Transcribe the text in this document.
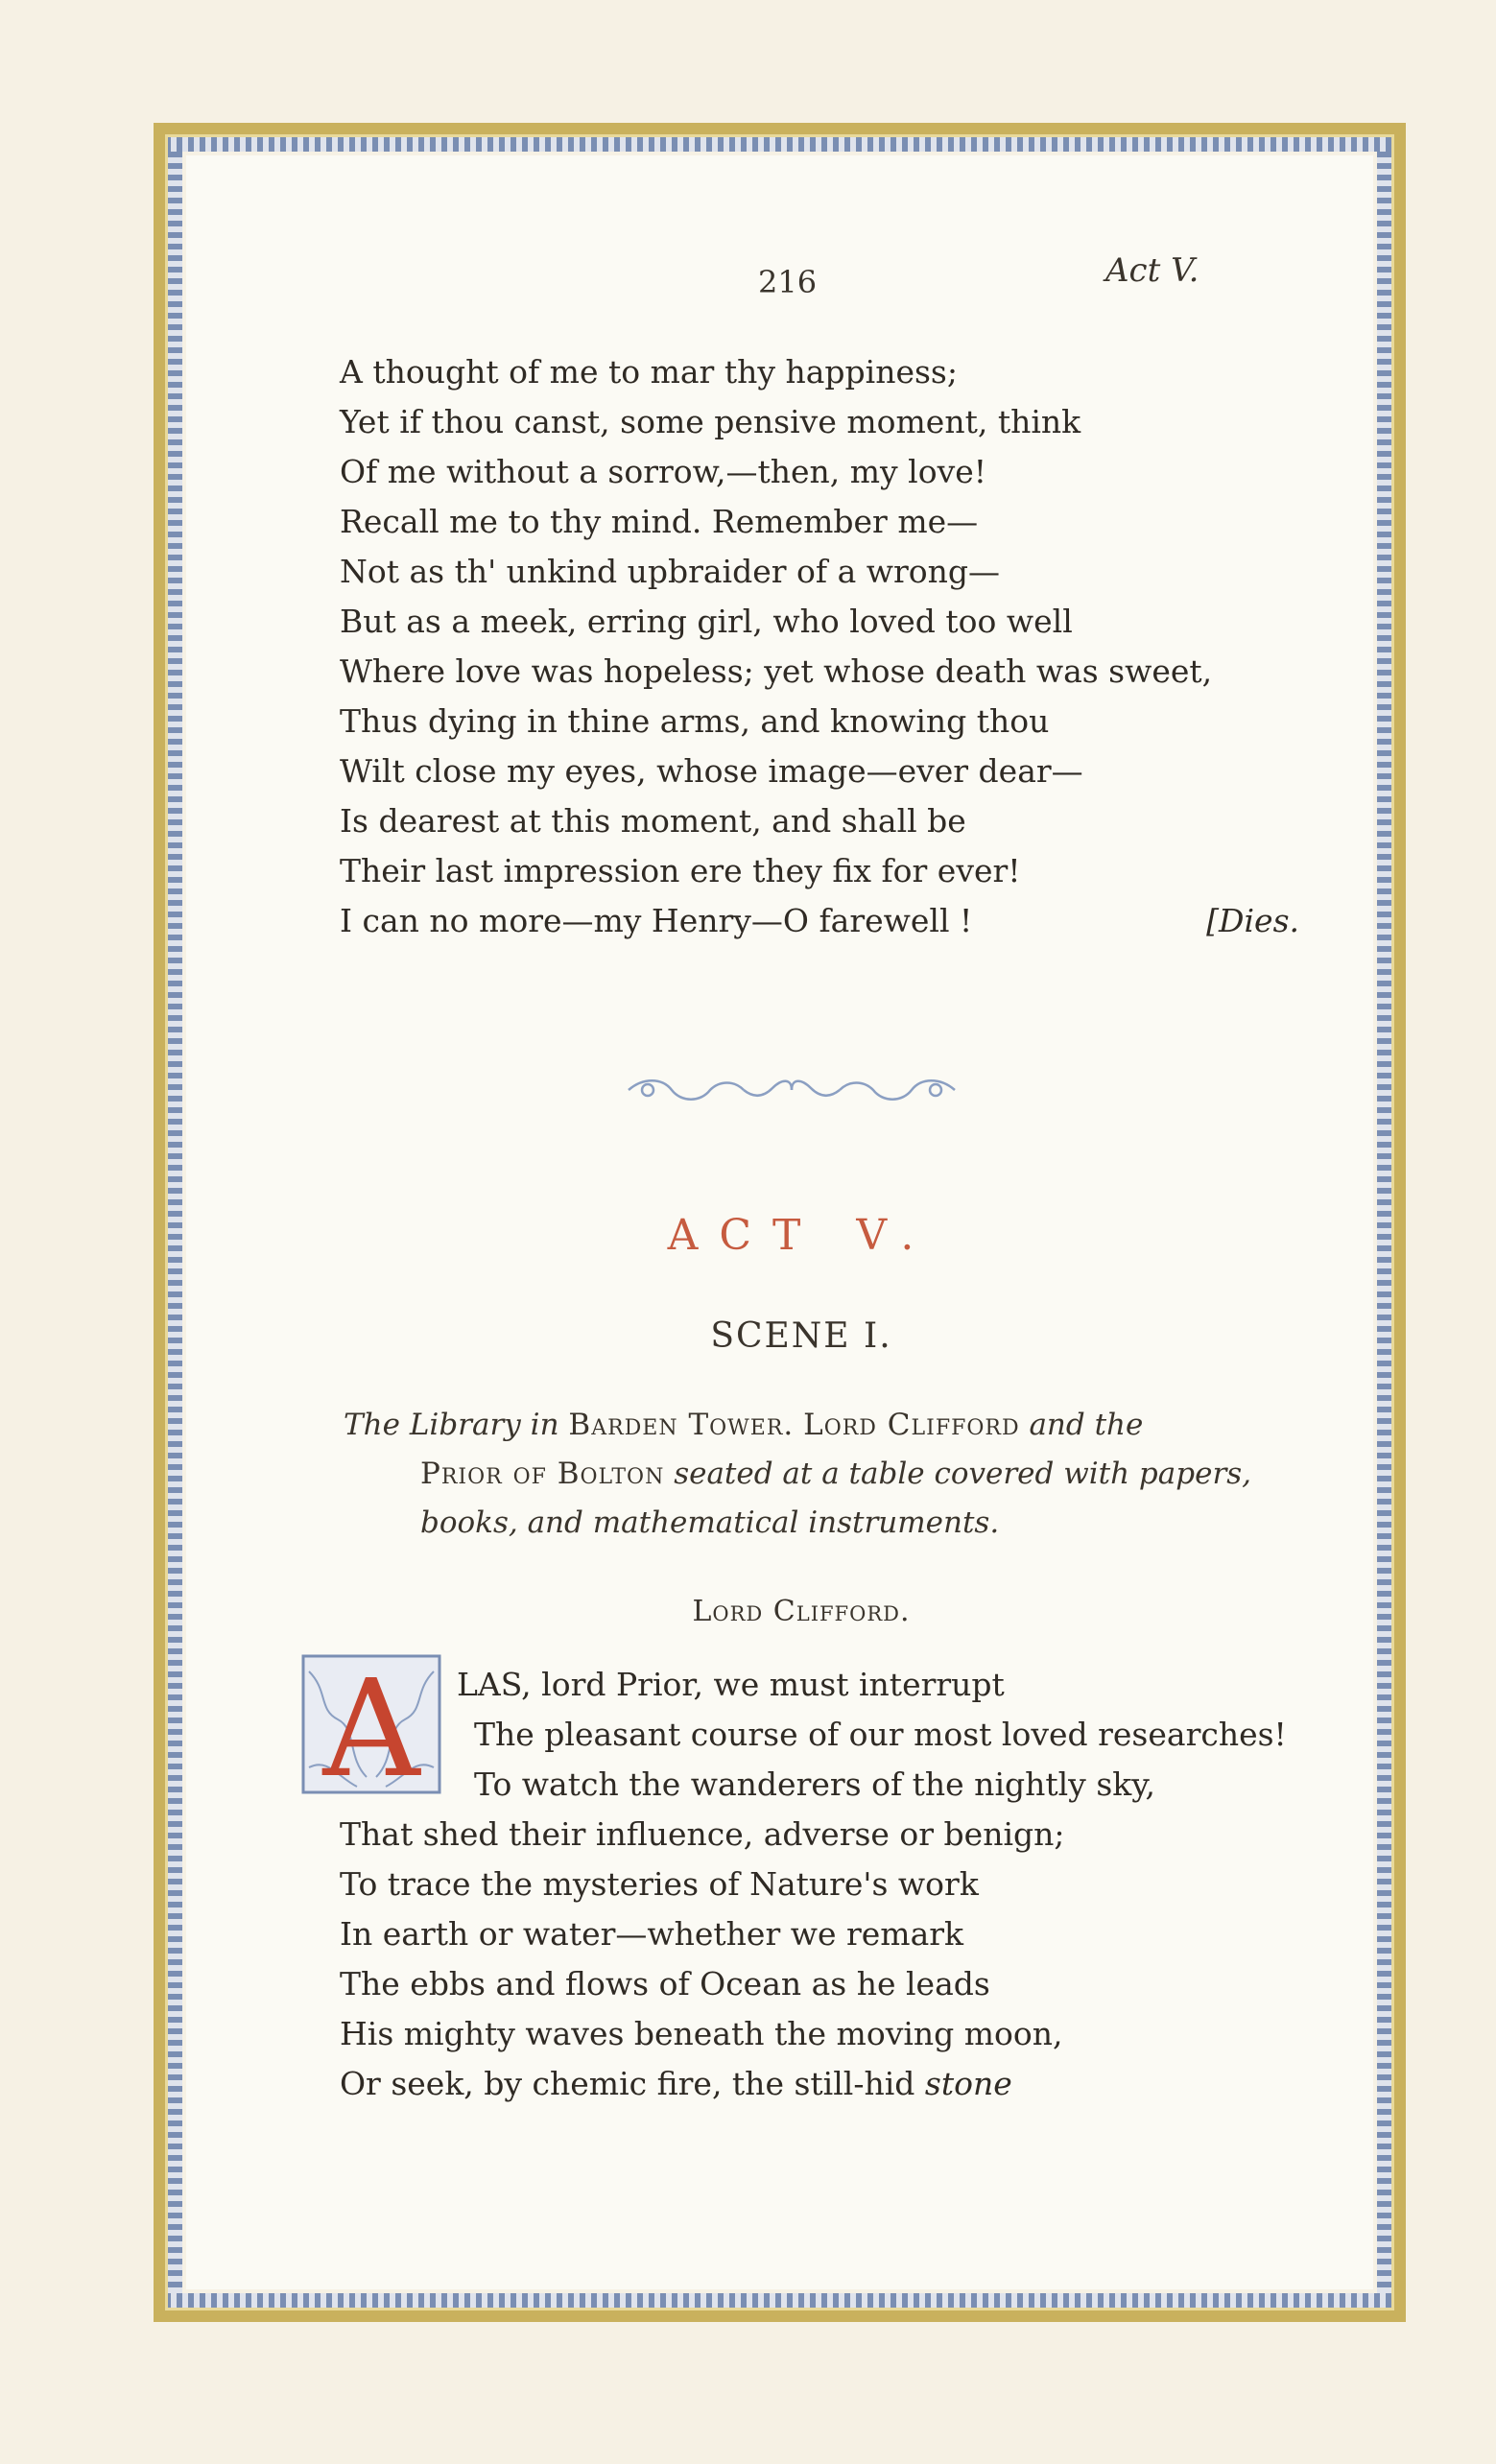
216	Act V.
A thought of me to mar thy happiness;
Yet if thou canst, some pensive moment, think
Of me without a sorrow,—then, my love!
Recall me to thy mind. Remember me—
Not as th' unkind upbraider of a wrong—
But as a meek, erring girl, who loved too well
Where love was hopeless; yet whose death was sweet,
Thus dying in thine arms, and knowing thou
Wilt close my eyes, whose image—ever dear—
Is dearest at this moment, and shall be
Their last impression ere they fix for ever!
I can no more—my Henry—O farewell !	[Dies.
ACT V.
SCENE I.
The Library in Barden Tower. Lord Clifford and the
Prior of Bolton seated at a table covered with papers,
books, and mathematical instruments.
Lord Clifford.
A	LAS, lord Prior, we must interrupt
The pleasant course of our most loved researches!
To watch the wanderers of the nightly sky,
That shed their influence, adverse or benign;
To trace the mysteries of Nature's work
In earth or water—whether we remark
The ebbs and flows of Ocean as he leads
His mighty waves beneath the moving moon,
Or seek, by chemic fire, the still-hid stone
